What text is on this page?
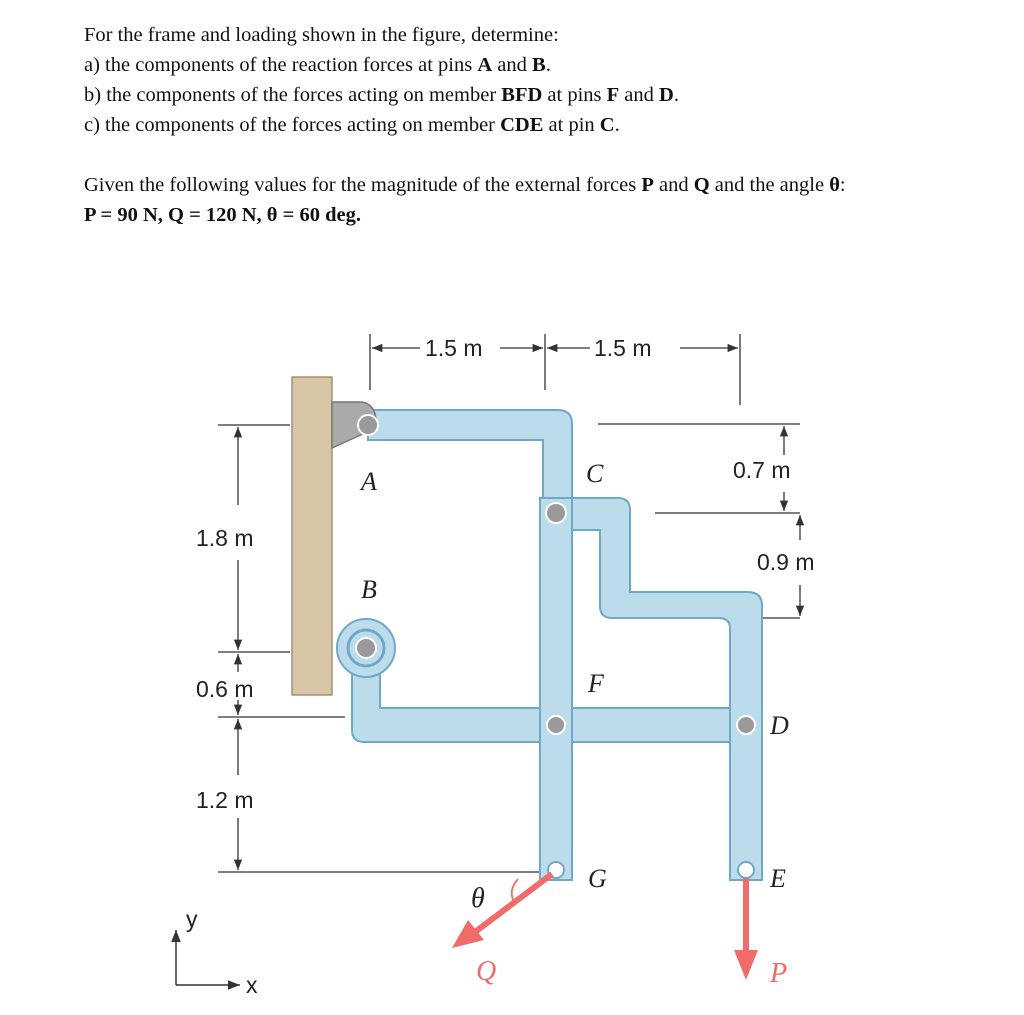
For the frame and loading shown in the figure, determine:
a) the components of the reaction forces at pins A and B.
b) the components of the forces acting on member BFD at pins F and D.
c) the components of the forces acting on member CDE at pin C.
Given the following values for the magnitude of the external forces P and Q and the angle θ:
P = 90 N, Q = 120 N, θ = 60 deg.
1.5 m	1.5 m
1.8 m
0.6 m
1.2 m
0.7 m
0.9 m
A
B
C
F
D
G	E
θ
Q	P
y
x
